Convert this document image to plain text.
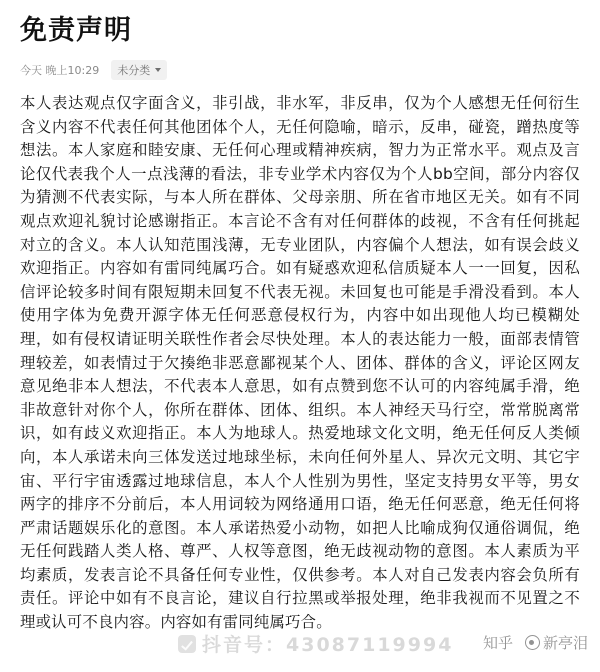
免责声明
今天 晚上10:29 未分类

本人表达观点仅字面含义，非引战，非水军，非反串，仅为个人感想无任何衍生含义内容不代表任何其他团体个人，无任何隐喻，暗示，反串，碰瓷，蹭热度等想法。本人家庭和睦安康、无任何心理或精神疾病，智力为正常水平。观点及言论仅代表我个人一点浅薄的看法，非专业学术内容仅为个人bb空间，部分内容仅为猜测不代表实际，与本人所在群体、父母亲朋、所在省市地区无关。如有不同观点欢迎礼貌讨论感谢指正。本言论不含有对任何群体的歧视，不含有任何挑起对立的含义。本人认知范围浅薄，无专业团队，内容偏个人想法，如有误会歧义欢迎指正。内容如有雷同纯属巧合。如有疑惑欢迎私信质疑本人一一回复，因私信评论较多时间有限短期未回复不代表无视。未回复也可能是手滑没看到。本人使用字体为免费开源字体无任何恶意侵权行为，内容中如出现他人均已模糊处理，如有侵权请证明关联性作者会尽快处理。本人的表达能力一般，面部表情管理较差，如表情过于欠揍绝非恶意鄙视某个人、团体、群体的含义，评论区网友意见绝非本人想法，不代表本人意思，如有点赞到您不认可的内容纯属手滑，绝非故意针对你个人，你所在群体、团体、组织。本人神经天马行空，常常脱离常识，如有歧义欢迎指正。本人为地球人。热爱地球文化文明，绝无任何反人类倾向，本人承诺未向三体发送过地球坐标，未向任何外星人、异次元文明、其它宇宙、平行宇宙透露过地球信息，本人个人性别为男性，坚定支持男女平等，男女两字的排序不分前后，本人用词较为网络通用口语，绝无任何恶意，绝无任何将严肃话题娱乐化的意图。本人承诺热爱小动物，如把人比喻成狗仅通俗调侃，绝无任何践踏人类人格、尊严、人权等意图，绝无歧视动物的意图。本人素质为平均素质，发表言论不具备任何专业性，仅供参考。本人对自己发表内容会负所有责任。评论中如有不良言论，建议自行拉黑或举报处理，绝非我视而不见置之不理或认可不良内容。内容如有雷同纯属巧合。

抖音号：43087119994 知乎 新亭泪
